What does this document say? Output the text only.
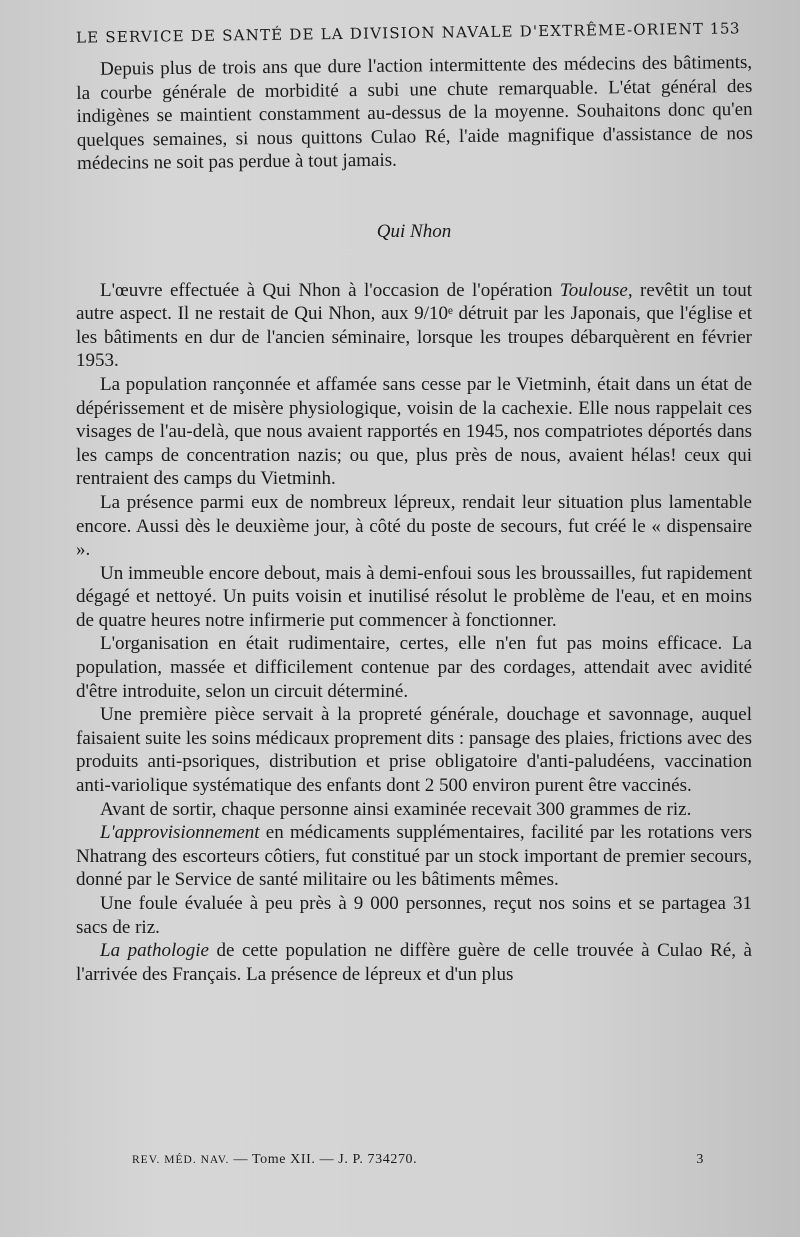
LE SERVICE DE SANTÉ DE LA DIVISION NAVALE D'EXTRÊME-ORIENT 153

Depuis plus de trois ans que dure l'action intermittente des médecins des bâtiments, la courbe générale de morbidité a subi une chute remarquable. L'état général des indigènes se maintient constamment au-dessus de la moyenne. Souhaitons donc qu'en quelques semaines, si nous quittons Culao Ré, l'aide magnifique d'assistance de nos médecins ne soit pas perdue à tout jamais.

Qui Nhon

L'œuvre effectuée à Qui Nhon à l'occasion de l'opération Toulouse, revêtit un tout autre aspect. Il ne restait de Qui Nhon, aux 9/10ᵉ détruit par les Japonais, que l'église et les bâtiments en dur de l'ancien séminaire, lorsque les troupes débarquèrent en février 1953.

La population rançonnée et affamée sans cesse par le Vietminh, était dans un état de dépérissement et de misère physiologique, voisin de la cachexie. Elle nous rappelait ces visages de l'au-delà, que nous avaient rapportés en 1945, nos compatriotes déportés dans les camps de concentration nazis; ou que, plus près de nous, avaient hélas! ceux qui rentraient des camps du Vietminh.

La présence parmi eux de nombreux lépreux, rendait leur situation plus lamentable encore. Aussi dès le deuxième jour, à côté du poste de secours, fut créé le « dispensaire ».

Un immeuble encore debout, mais à demi-enfoui sous les broussailles, fut rapidement dégagé et nettoyé. Un puits voisin et inutilisé résolut le problème de l'eau, et en moins de quatre heures notre infirmerie put commencer à fonctionner.

L'organisation en était rudimentaire, certes, elle n'en fut pas moins efficace. La population, massée et difficilement contenue par des cordages, attendait avec avidité d'être introduite, selon un circuit déterminé.

Une première pièce servait à la propreté générale, douchage et savonnage, auquel faisaient suite les soins médicaux proprement dits : pansage des plaies, frictions avec des produits anti-psoriques, distribution et prise obligatoire d'anti-paludéens, vaccination anti-variolique systématique des enfants dont 2 500 environ purent être vaccinés.

Avant de sortir, chaque personne ainsi examinée recevait 300 grammes de riz.

L'approvisionnement en médicaments supplémentaires, facilité par les rotations vers Nhatrang des escorteurs côtiers, fut constitué par un stock important de premier secours, donné par le Service de santé militaire ou les bâtiments mêmes.

Une foule évaluée à peu près à 9 000 personnes, reçut nos soins et se partagea 31 sacs de riz.

La pathologie de cette population ne diffère guère de celle trouvée à Culao Ré, à l'arrivée des Français. La présence de lépreux et d'un plus

REV. MÉD. NAV. — Tome XII. — J. P. 734270.	3
